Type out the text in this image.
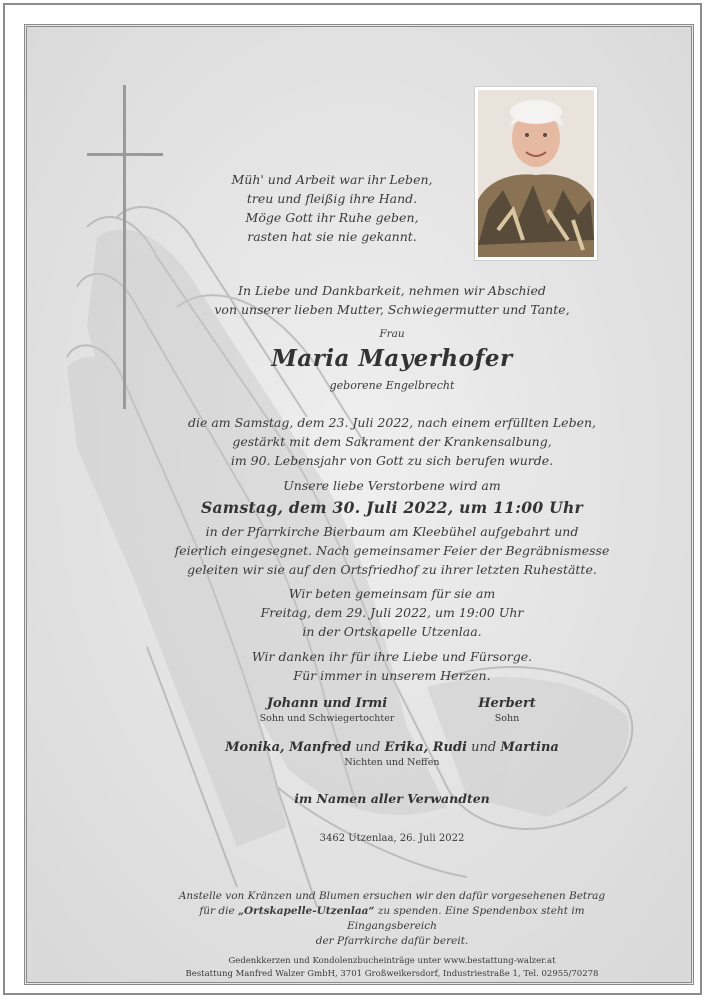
Müh' und Arbeit war ihr Leben,
treu und fleißig ihre Hand.
Möge Gott ihr Ruhe geben,
rasten hat sie nie gekannt.
In Liebe und Dankbarkeit, nehmen wir Abschied
von unserer lieben Mutter, Schwiegermutter und Tante,
Frau
Maria Mayerhofer
geborene Engelbrecht
die am Samstag, dem 23. Juli 2022, nach einem erfüllten Leben,
gestärkt mit dem Sakrament der Krankensalbung,
im 90. Lebensjahr von Gott zu sich berufen wurde.
Unsere liebe Verstorbene wird am
Samstag, dem 30. Juli 2022, um 11:00 Uhr
in der Pfarrkirche Bierbaum am Kleebühel aufgebahrt und
feierlich eingesegnet. Nach gemeinsamer Feier der Begräbnismesse
geleiten wir sie auf den Ortsfriedhof zu ihrer letzten Ruhestätte.
Wir beten gemeinsam für sie am
Freitag, dem 29. Juli 2022, um 19:00 Uhr
in der Ortskapelle Utzenlaa.
Wir danken ihr für ihre Liebe und Fürsorge.
Für immer in unserem Herzen.
Johann und Irmi
Sohn und Schwiegertochter
Herbert
Sohn
Monika, Manfred und Erika, Rudi und Martina
Nichten und Neffen
im Namen aller Verwandten
3462 Utzenlaa, 26. Juli 2022
Anstelle von Kränzen und Blumen ersuchen wir den dafür vorgesehenen Betrag
für die „Ortskapelle-Utzenlaa“ zu spenden. Eine Spendenbox steht im Eingangsbereich
der Pfarrkirche dafür bereit.
Gedenkkerzen und Kondolenzbucheinträge unter www.bestattung-walzer.at
Bestattung Manfred Walzer GmbH, 3701 Großweikersdorf, Industriestraße 1, Tel. 02955/70278
